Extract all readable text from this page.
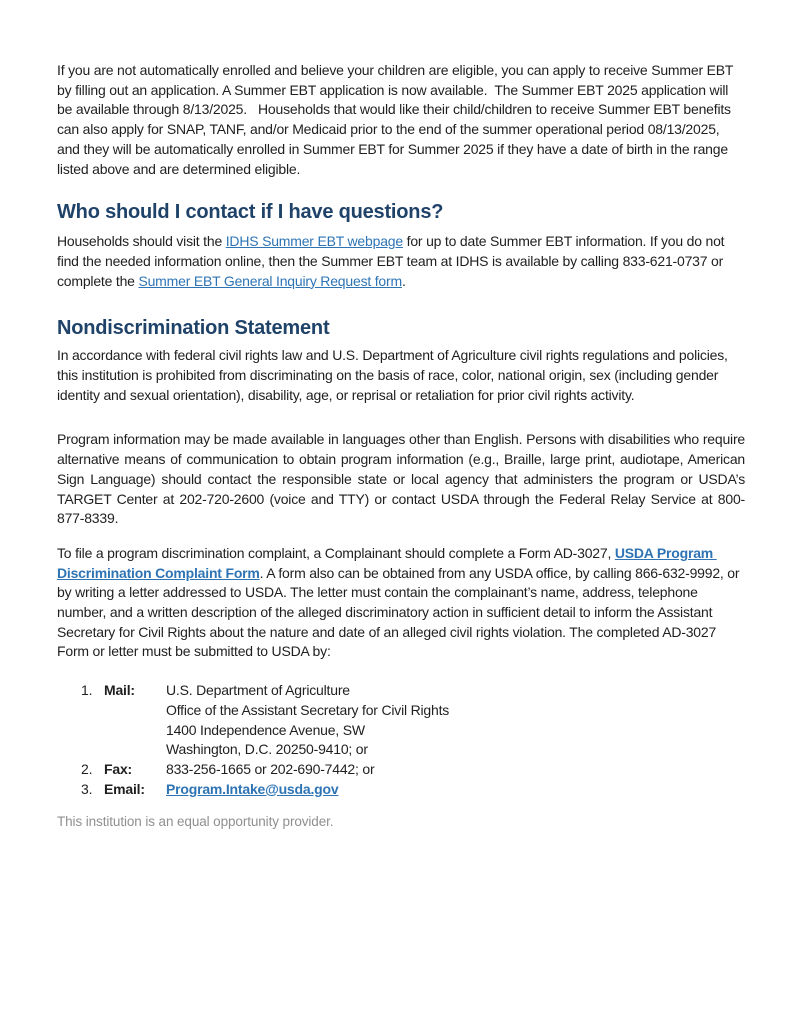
If you are not automatically enrolled and believe your children are eligible, you can apply to receive Summer EBT by filling out an application. A Summer EBT application is now available.  The Summer EBT 2025 application will be available through 8/13/2025.   Households that would like their child/children to receive Summer EBT benefits can also apply for SNAP, TANF, and/or Medicaid prior to the end of the summer operational period 08/13/2025, and they will be automatically enrolled in Summer EBT for Summer 2025 if they have a date of birth in the range listed above and are determined eligible.

Who should I contact if I have questions?

Households should visit the IDHS Summer EBT webpage for up to date Summer EBT information. If you do not find the needed information online, then the Summer EBT team at IDHS is available by calling 833-621-0737 or complete the Summer EBT General Inquiry Request form.

Nondiscrimination Statement

In accordance with federal civil rights law and U.S. Department of Agriculture civil rights regulations and policies, this institution is prohibited from discriminating on the basis of race, color, national origin, sex (including gender identity and sexual orientation), disability, age, or reprisal or retaliation for prior civil rights activity.

Program information may be made available in languages other than English. Persons with disabilities who require alternative means of communication to obtain program information (e.g., Braille, large print, audiotape, American Sign Language) should contact the responsible state or local agency that administers the program or USDA’s TARGET Center at 202-720-2600 (voice and TTY) or contact USDA through the Federal Relay Service at 800-877-8339.

To file a program discrimination complaint, a Complainant should complete a Form AD-3027, USDA Program Discrimination Complaint Form. A form also can be obtained from any USDA office, by calling 866-632-9992, or by writing a letter addressed to USDA. The letter must contain the complainant’s name, address, telephone number, and a written description of the alleged discriminatory action in sufficient detail to inform the Assistant Secretary for Civil Rights about the nature and date of an alleged civil rights violation. The completed AD-3027 Form or letter must be submitted to USDA by:

1. Mail:	U.S. Department of Agriculture
Office of the Assistant Secretary for Civil Rights
1400 Independence Avenue, SW
Washington, D.C. 20250-9410; or
2. Fax:	833-256-1665 or 202-690-7442; or
3. Email:	Program.Intake@usda.gov

This institution is an equal opportunity provider.
